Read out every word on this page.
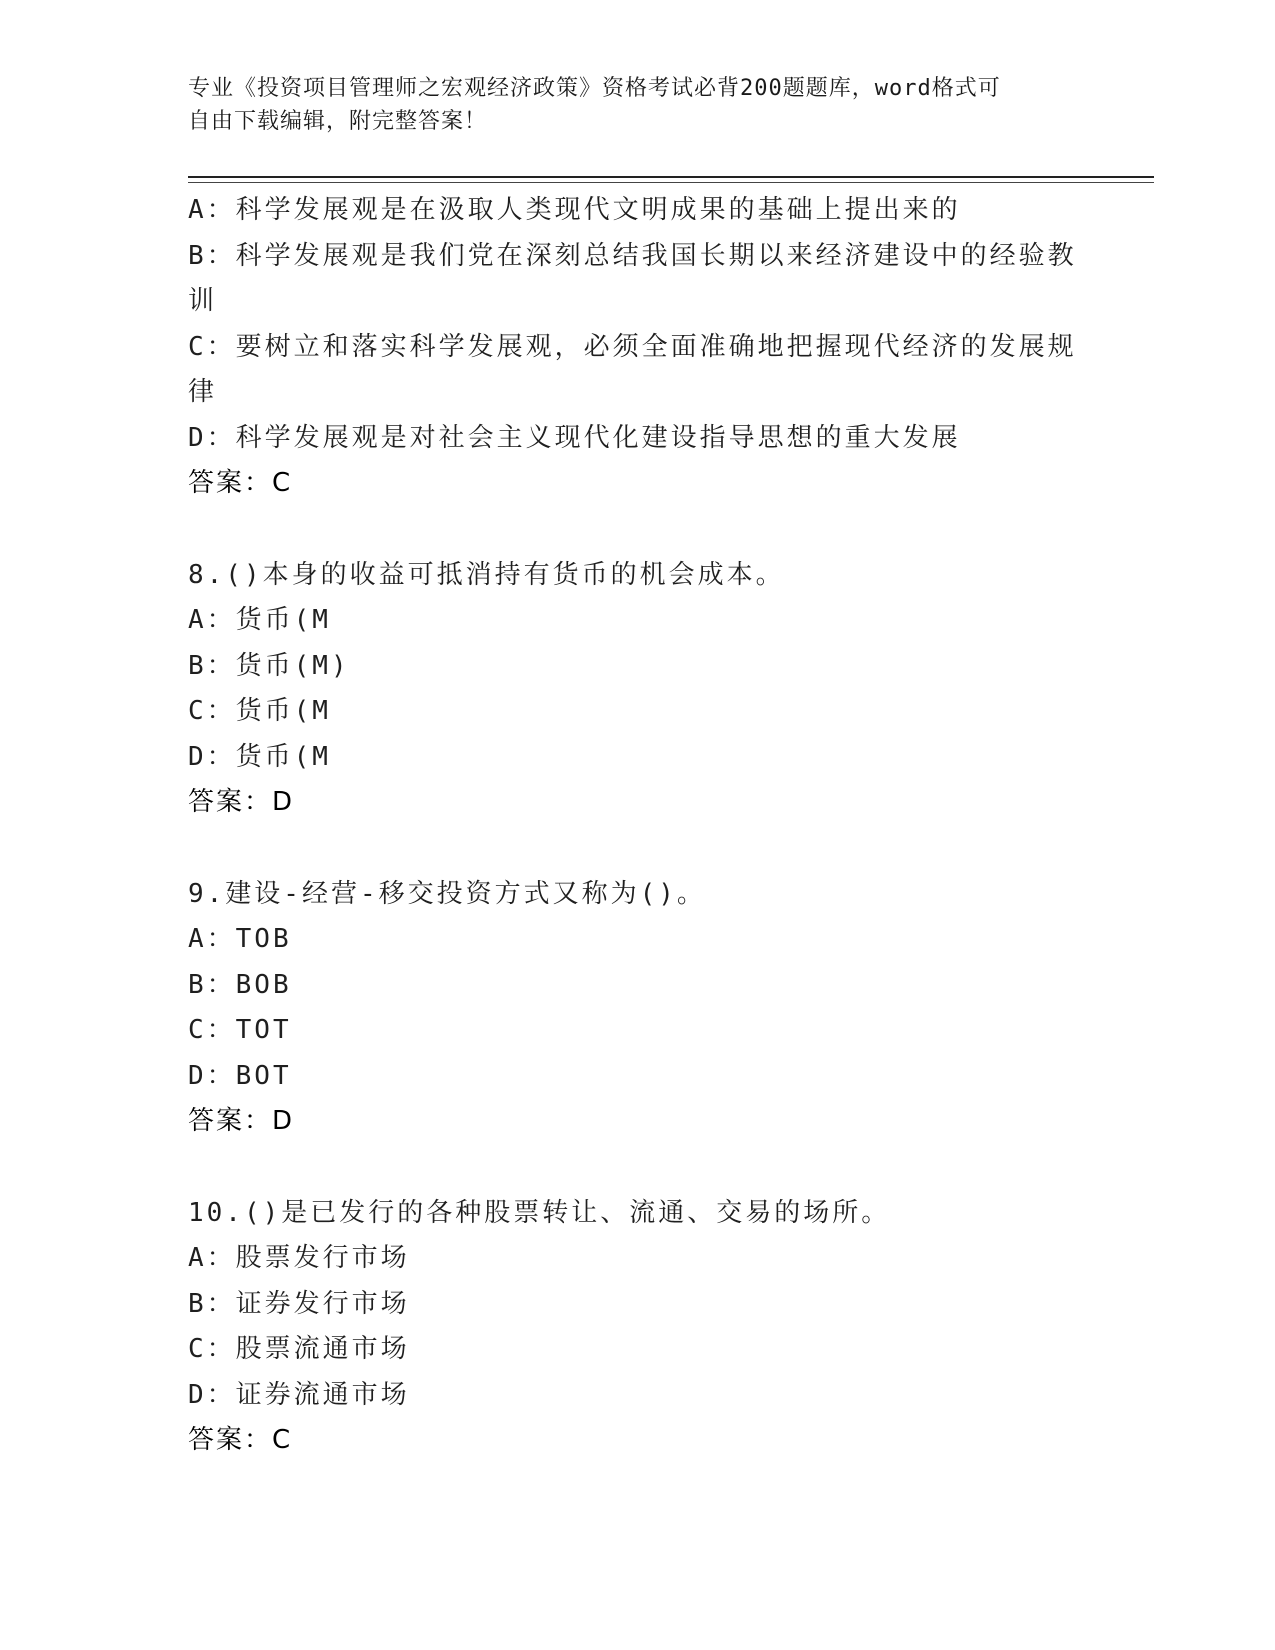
专业《投资项目管理师之宏观经济政策》资格考试必背200题题库，word格式可
自由下载编辑，附完整答案！
A：科学发展观是在汲取人类现代文明成果的基础上提出来的
B：科学发展观是我们党在深刻总结我国长期以来经济建设中的经验教
训
C：要树立和落实科学发展观，必须全面准确地把握现代经济的发展规
律
D：科学发展观是对社会主义现代化建设指导思想的重大发展
答案：C
8.()本身的收益可抵消持有货币的机会成本。
A：货币(M
B：货币(M)
C：货币(M
D：货币(M
答案：D
9.建设-经营-移交投资方式又称为()。
A：TOB
B：BOB
C：TOT
D：BOT
答案：D
10.()是已发行的各种股票转让、流通、交易的场所。
A：股票发行市场
B：证券发行市场
C：股票流通市场
D：证券流通市场
答案：C
